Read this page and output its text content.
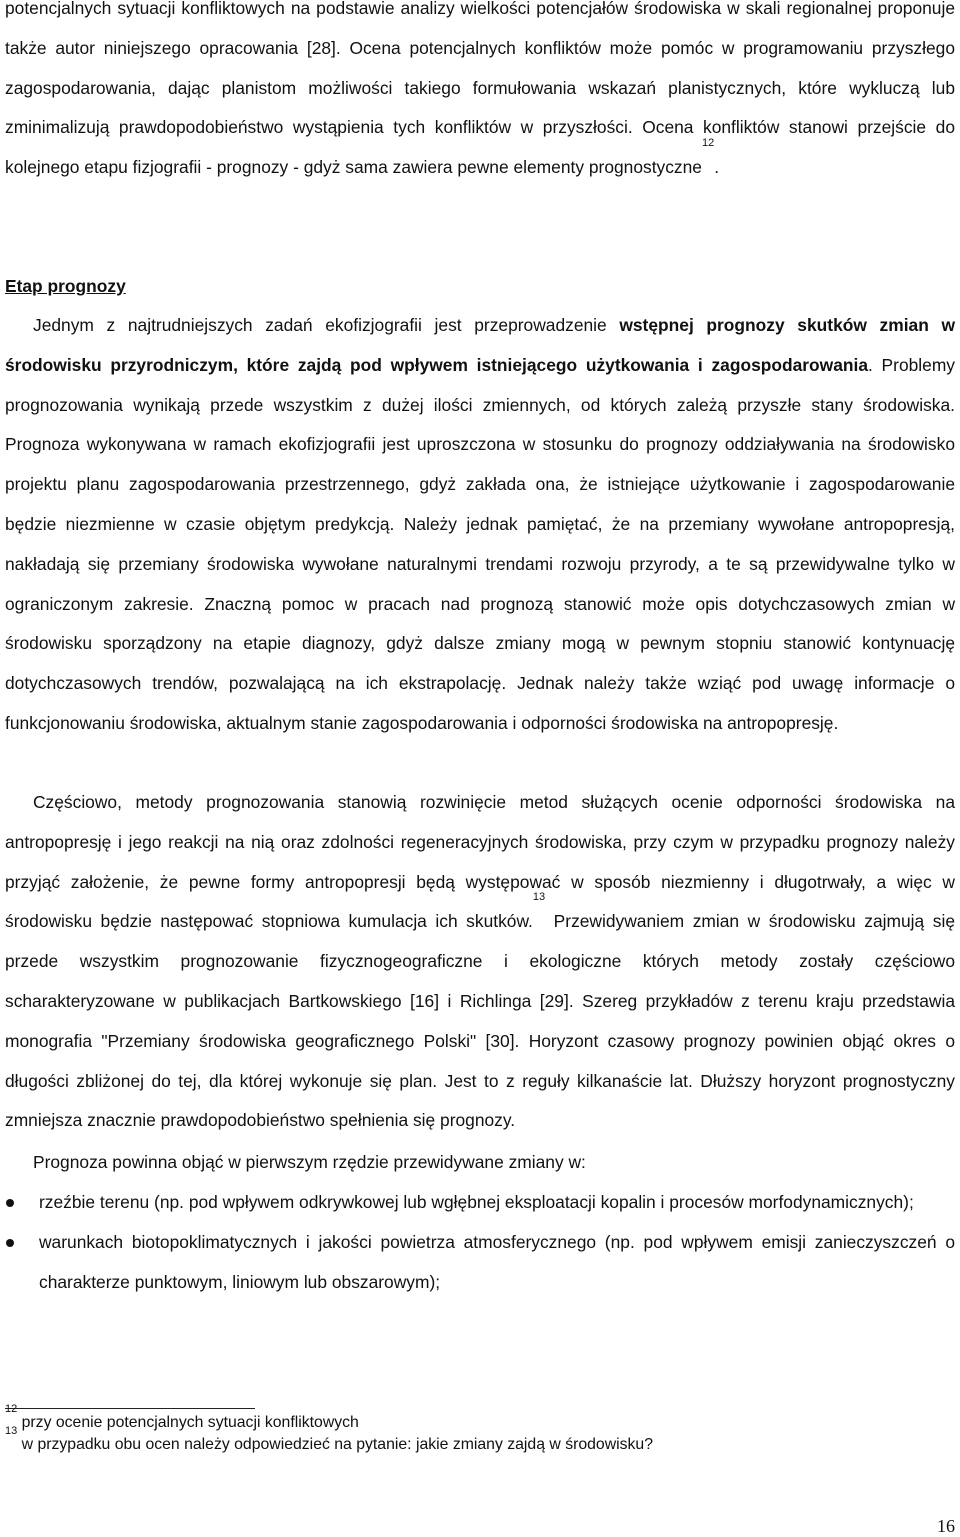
potencjalnych sytuacji konfliktowych na podstawie analizy wielkości potencjałów środowiska w skali regionalnej proponuje także autor niniejszego opracowania [28]. Ocena potencjalnych konfliktów może pomóc w programowaniu przyszłego zagospodarowania, dając planistom możliwości takiego formułowania wskazań planistycznych, które wykluczą lub zminimalizują prawdopodobieństwo wystąpienia tych konfliktów w przyszłości. Ocena konfliktów stanowi przejście do kolejnego etapu fizjografii - prognozy - gdyż sama zawiera pewne elementy prognostyczne$^{12}$.

Etap prognozy

Jednym z najtrudniejszych zadań ekofizjografii jest przeprowadzenie wstępnej prognozy skutków zmian w środowisku przyrodniczym, które zajdą pod wpływem istniejącego użytkowania i zagospodarowania. Problemy prognozowania wynikają przede wszystkim z dużej ilości zmiennych, od których zależą przyszłe stany środowiska. Prognoza wykonywana w ramach ekofizjografii jest uproszczona w stosunku do prognozy oddziaływania na środowisko projektu planu zagospodarowania przestrzennego, gdyż zakłada ona, że istniejące użytkowanie i zagospodarowanie będzie niezmienne w czasie objętym predykcją. Należy jednak pamiętać, że na przemiany wywołane antropopresją, nakładają się przemiany środowiska wywołane naturalnymi trendami rozwoju przyrody, a te są przewidywalne tylko w ograniczonym zakresie. Znaczną pomoc w pracach nad prognozą stanowić może opis dotychczasowych zmian w środowisku sporządzony na etapie diagnozy, gdyż dalsze zmiany mogą w pewnym stopniu stanowić kontynuację dotychczasowych trendów, pozwalającą na ich ekstrapolację. Jednak należy także wziąć pod uwagę informacje o funkcjonowaniu środowiska, aktualnym stanie zagospodarowania i odporności środowiska na antropopresję.

Częściowo, metody prognozowania stanowią rozwinięcie metod służących ocenie odporności środowiska na antropopresję i jego reakcji na nią oraz zdolności regeneracyjnych środowiska, przy czym w przypadku prognozy należy przyjąć założenie, że pewne formy antropopresji będą występować w sposób niezmienny i długotrwały, a więc w środowisku będzie następować stopniowa kumulacja ich skutków.$^{13}$ Przewidywaniem zmian w środowisku zajmują się przede wszystkim prognozowanie fizycznogeograficzne i ekologiczne których metody zostały częściowo scharakteryzowane w publikacjach Bartkowskiego [16] i Richlinga [29]. Szereg przykładów z terenu kraju przedstawia monografia "Przemiany środowiska geograficznego Polski" [30]. Horyzont czasowy prognozy powinien objąć okres o długości zbliżonej do tej, dla której wykonuje się plan. Jest to z reguły kilkanaście lat. Dłuższy horyzont prognostyczny zmniejsza znacznie prawdopodobieństwo spełnienia się prognozy.

Prognoza powinna objąć w pierwszym rzędzie przewidywane zmiany w:

rzeźbie terenu (np. pod wpływem odkrywkowej lub wgłębnej eksploatacji kopalin i procesów morfodynamicznych);
warunkach biotopoklimatycznych i jakości powietrza atmosferycznego (np. pod wpływem emisji zanieczyszczeń o charakterze punktowym, liniowym lub obszarowym);

$^{12}$ przy ocenie potencjalnych sytuacji konfliktowych

$^{13}$ w przypadku obu ocen należy odpowiedzieć na pytanie: jakie zmiany zajdą w środowisku?

16
